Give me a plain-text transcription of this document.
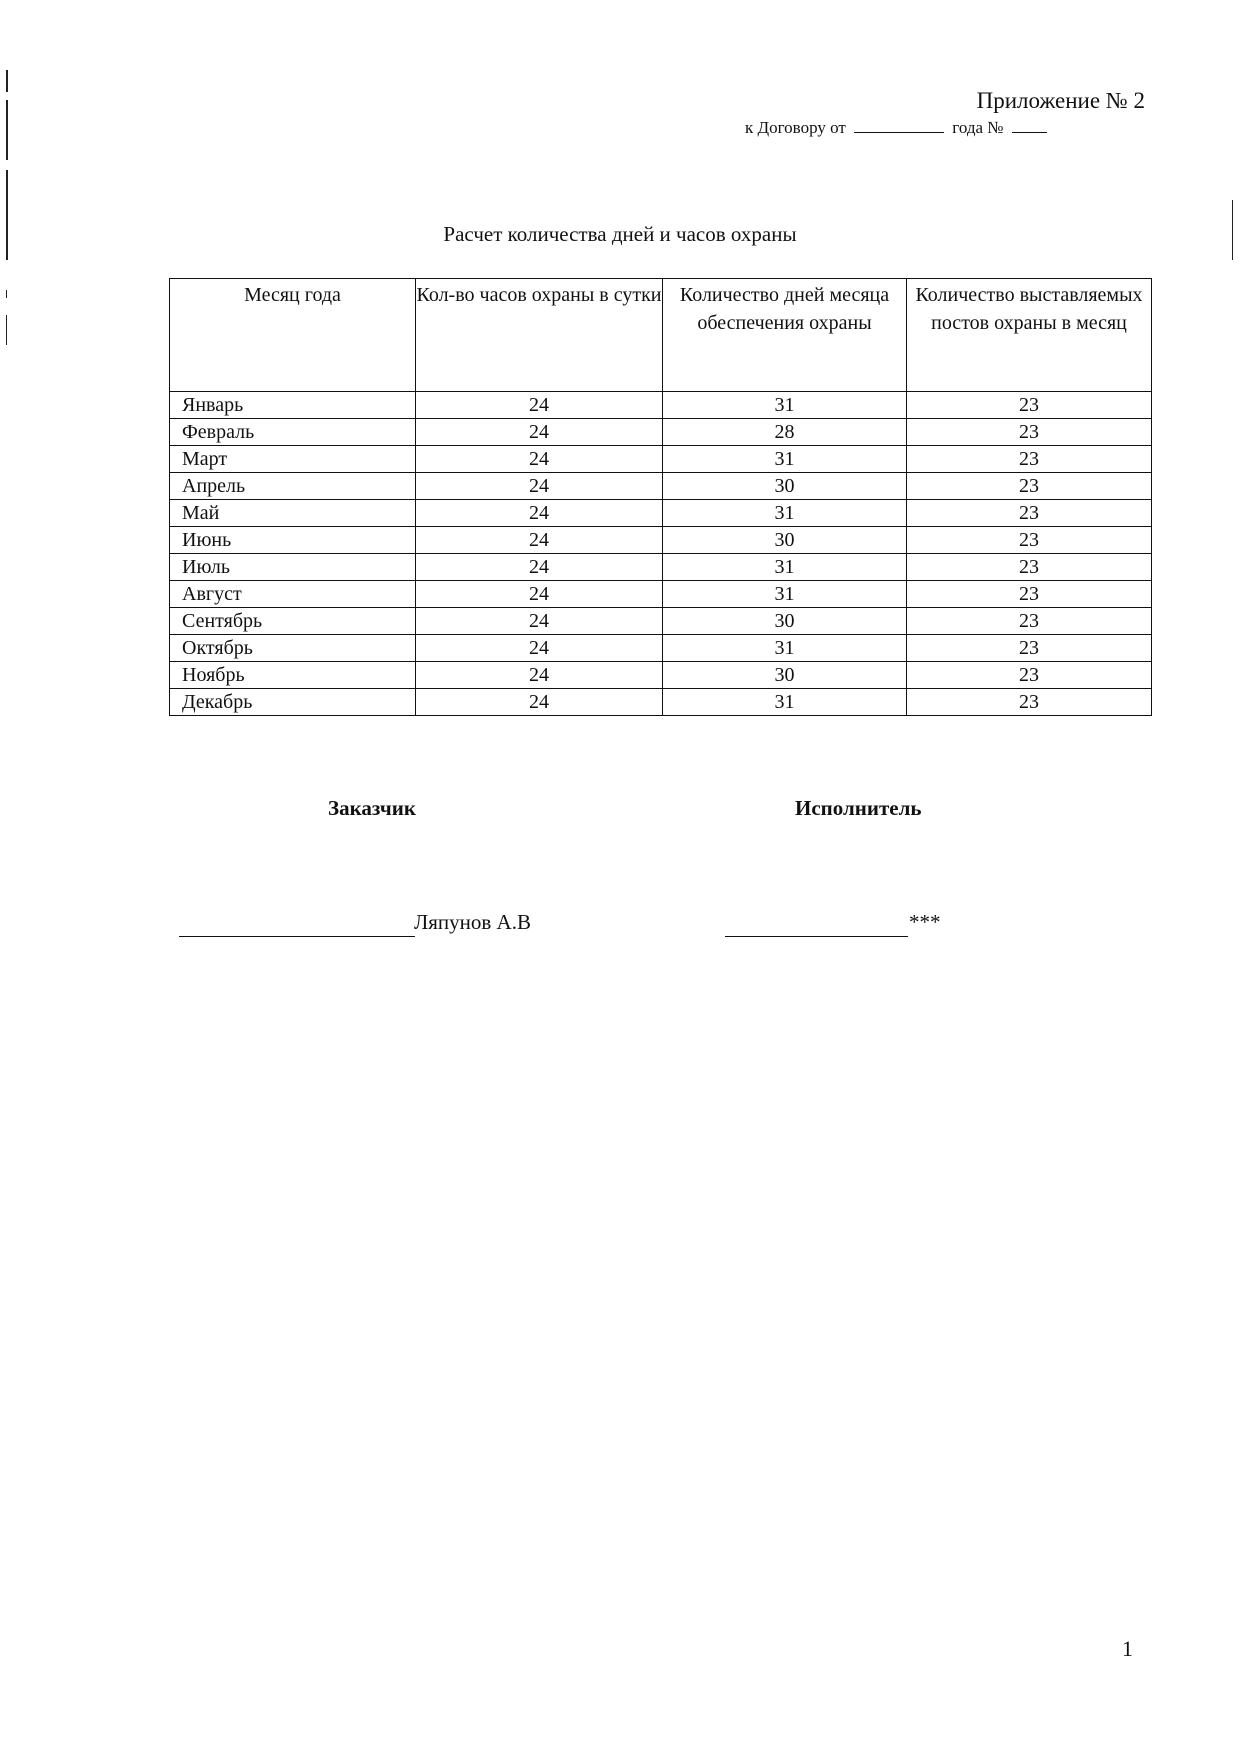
Приложение № 2
к Договору от	года №
Расчет количества дней и часов охраны
Месяц года	Кол-во часов охраны в сутки	Количество дней месяца обеспечения охраны	Количество выставляемых постов охраны в месяц
Январь	24	31	23
Февраль	24	28	23
Март	24	31	23
Апрель	24	30	23
Май	24	31	23
Июнь	24	30	23
Июль	24	31	23
Август	24	31	23
Сентябрь	24	30	23
Октябрь	24	31	23
Ноябрь	24	30	23
Декабрь	24	31	23
Заказчик	Исполнитель
Ляпунов А.В	***
1
